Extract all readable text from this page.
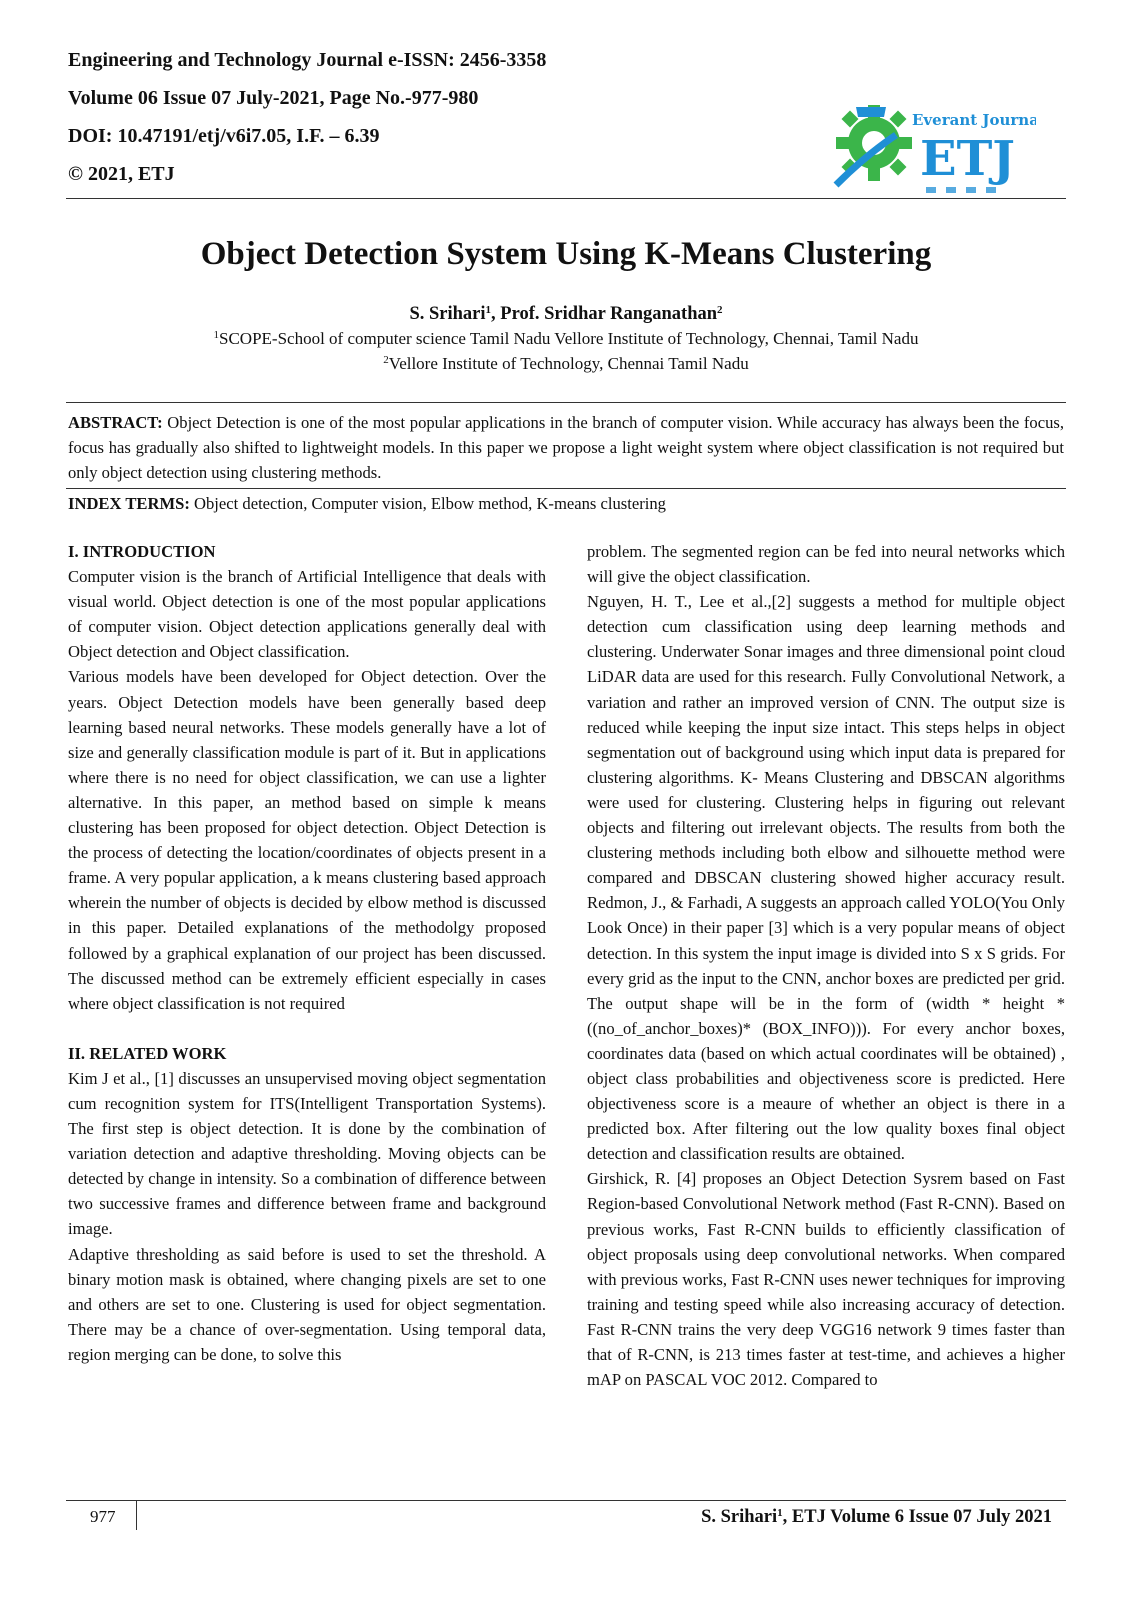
Engineering and Technology Journal e-ISSN: 2456-3358

Volume 06 Issue 07 July-2021, Page No.-977-980

DOI: 10.47191/etj/v6i7.05, I.F. – 6.39

© 2021, ETJ

Everant Journal
ETJ
Object Detection System Using K-Means Clustering
S. Srihari$^1$, Prof. Sridhar Ranganathan$^2$
$^1$SCOPE-School of computer science Tamil Nadu Vellore Institute of Technology, Chennai, Tamil Nadu
$^2$Vellore Institute of Technology, Chennai Tamil Nadu

ABSTRACT: Object Detection is one of the most popular applications in the branch of computer vision. While accuracy has always been the focus, focus has gradually also shifted to lightweight models. In this paper we propose a light weight system where object classification is not required but only object detection using clustering methods.

INDEX TERMS: Object detection, Computer vision, Elbow method, K-means clustering

I. INTRODUCTION

Computer vision is the branch of Artificial Intelligence that deals with visual world. Object detection is one of the most popular applications of computer vision. Object detection applications generally deal with Object detection and Object classification.

Various models have been developed for Object detection. Over the years. Object Detection models have been generally based deep learning based neural networks. These models generally have a lot of size and generally classification module is part of it. But in applications where there is no need for object classification, we can use a lighter alternative. In this paper, an method based on simple k means clustering has been proposed for object detection. Object Detection is the process of detecting the location/coordinates of objects present in a frame. A very popular application, a k means clustering based approach wherein the number of objects is decided by elbow method is discussed in this paper. Detailed explanations of the methodolgy proposed followed by a graphical explanation of our project has been discussed. The discussed method can be extremely efficient especially in cases where object classification is not required

II. RELATED WORK

Kim J et al., [1] discusses an unsupervised moving object segmentation cum recognition system for ITS(Intelligent Transportation Systems). The first step is object detection. It is done by the combination of variation detection and adaptive thresholding. Moving objects can be detected by change in intensity. So a combination of difference between two successive frames and difference between frame and background image.

Adaptive thresholding as said before is used to set the threshold. A binary motion mask is obtained, where changing pixels are set to one and others are set to one. Clustering is used for object segmentation. There may be a chance of over-segmentation. Using temporal data, region merging can be done, to solve this

problem. The segmented region can be fed into neural networks which will give the object classification.

Nguyen, H. T., Lee et al.,[2] suggests a method for multiple object detection cum classification using deep learning methods and clustering. Underwater Sonar images and three dimensional point cloud LiDAR data are used for this research. Fully Convolutional Network, a variation and rather an improved version of CNN. The output size is reduced while keeping the input size intact. This steps helps in object segmentation out of background using which input data is prepared for clustering algorithms. K- Means Clustering and DBSCAN algorithms were used for clustering. Clustering helps in figuring out relevant objects and filtering out irrelevant objects. The results from both the clustering methods including both elbow and silhouette method were compared and DBSCAN clustering showed higher accuracy result. Redmon, J., & Farhadi, A suggests an approach called YOLO(You Only Look Once) in their paper [3] which is a very popular means of object detection. In this system the input image is divided into S x S grids. For every grid as the input to the CNN, anchor boxes are predicted per grid. The output shape will be in the form of (width * height *((no_of_anchor_boxes)* (BOX_INFO))). For every anchor boxes, coordinates data (based on which actual coordinates will be obtained) , object class probabilities and objectiveness score is predicted. Here objectiveness score is a meaure of whether an object is there in a predicted box. After filtering out the low quality boxes final object detection and classification results are obtained.

Girshick, R. [4] proposes an Object Detection Sysrem based on Fast Region-based Convolutional Network method (Fast R-CNN). Based on previous works, Fast R-CNN builds to efficiently classification of object proposals using deep convolutional networks. When compared with previous works, Fast R-CNN uses newer techniques for improving training and testing speed while also increasing accuracy of detection. Fast R-CNN trains the very deep VGG16 network 9 times faster than that of R-CNN, is 213 times faster at test-time, and achieves a higher mAP on PASCAL VOC 2012. Compared to

977	S. Srihari$^1$, ETJ Volume 6 Issue 07 July 2021
